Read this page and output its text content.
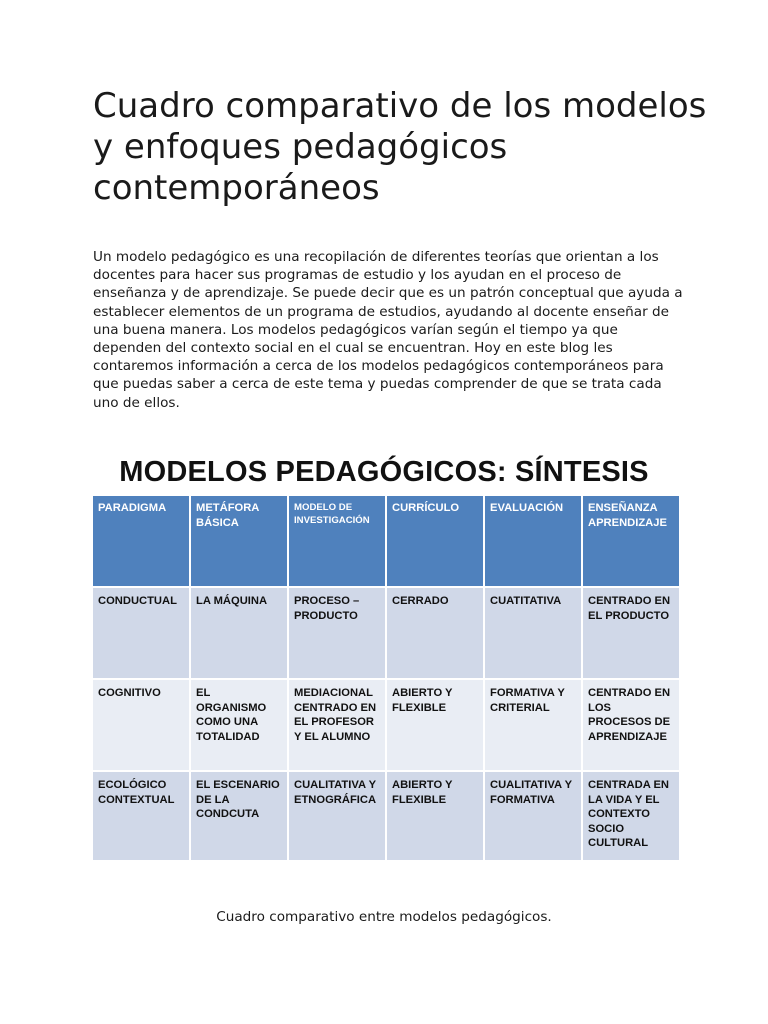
Cuadro comparativo de los modelos y enfoques pedagógicos contemporáneos

Un modelo pedagógico es una recopilación de diferentes teorías que orientan a los docentes para hacer sus programas de estudio y los ayudan en el proceso de enseñanza y de aprendizaje. Se puede decir que es un patrón conceptual que ayuda a establecer elementos de un programa de estudios, ayudando al docente enseñar de una buena manera. Los modelos pedagógicos varían según el tiempo ya que dependen del contexto social en el cual se encuentran. Hoy en este blog les contaremos información a cerca de los modelos pedagógicos contemporáneos para que puedas saber a cerca de este tema y puedas comprender de que se trata cada uno de ellos.

MODELOS PEDAGÓGICOS: SÍNTESIS
PARADIGMA	METÁFORA BÁSICA	MODELO DE INVESTIGACIÓN	CURRÍCULO	EVALUACIÓN	ENSEÑANZA APRENDIZAJE
CONDUCTUAL	LA MÁQUINA	PROCESO – PRODUCTO	CERRADO	CUATITATIVA	CENTRADO EN EL PRODUCTO
COGNITIVO	EL ORGANISMO COMO UNA TOTALIDAD	MEDIACIONAL CENTRADO EN EL PROFESOR Y EL ALUMNO	ABIERTO Y FLEXIBLE	FORMATIVA Y CRITERIAL	CENTRADO EN LOS PROCESOS DE APRENDIZAJE
ECOLÓGICO CONTEXTUAL	EL ESCENARIO DE LA CONDCUTA	CUALITATIVA Y ETNOGRÁFICA	ABIERTO Y FLEXIBLE	CUALITATIVA Y FORMATIVA	CENTRADA EN LA VIDA Y EL CONTEXTO SOCIO CULTURAL
Cuadro comparativo entre modelos pedagógicos.
